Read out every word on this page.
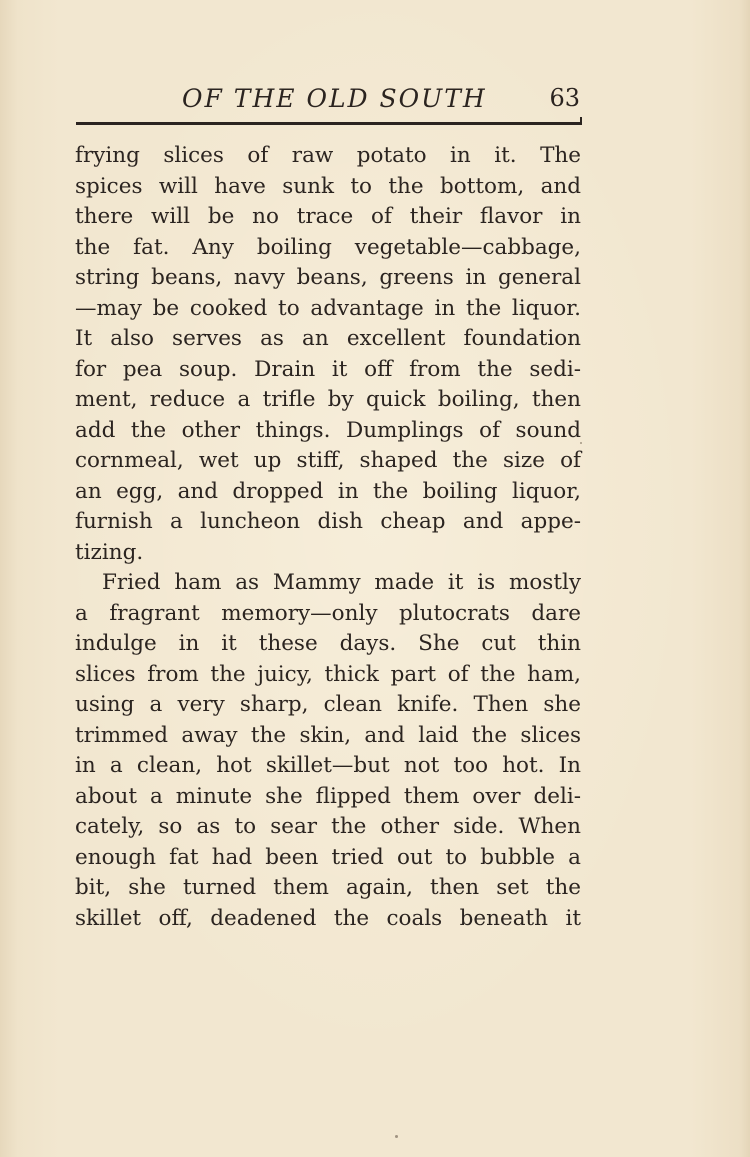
OF THE OLD SOUTH	63
frying slices of raw potato in it. The
spices will have sunk to the bottom, and
there will be no trace of their flavor in
the fat. Any boiling vegetable—cabbage,
string beans, navy beans, greens in general
—may be cooked to advantage in the liquor.
It also serves as an excellent foundation
for pea soup. Drain it off from the sedi-
ment, reduce a trifle by quick boiling, then
add the other things. Dumplings of sound
cornmeal, wet up stiff, shaped the size of
an egg, and dropped in the boiling liquor,
furnish a luncheon dish cheap and appe-
tizing.
Fried ham as Mammy made it is mostly
a fragrant memory—only plutocrats dare
indulge in it these days. She cut thin
slices from the juicy, thick part of the ham,
using a very sharp, clean knife. Then she
trimmed away the skin, and laid the slices
in a clean, hot skillet—but not too hot. In
about a minute she flipped them over deli-
cately, so as to sear the other side. When
enough fat had been tried out to bubble a
bit, she turned them again, then set the
skillet off, deadened the coals beneath it
